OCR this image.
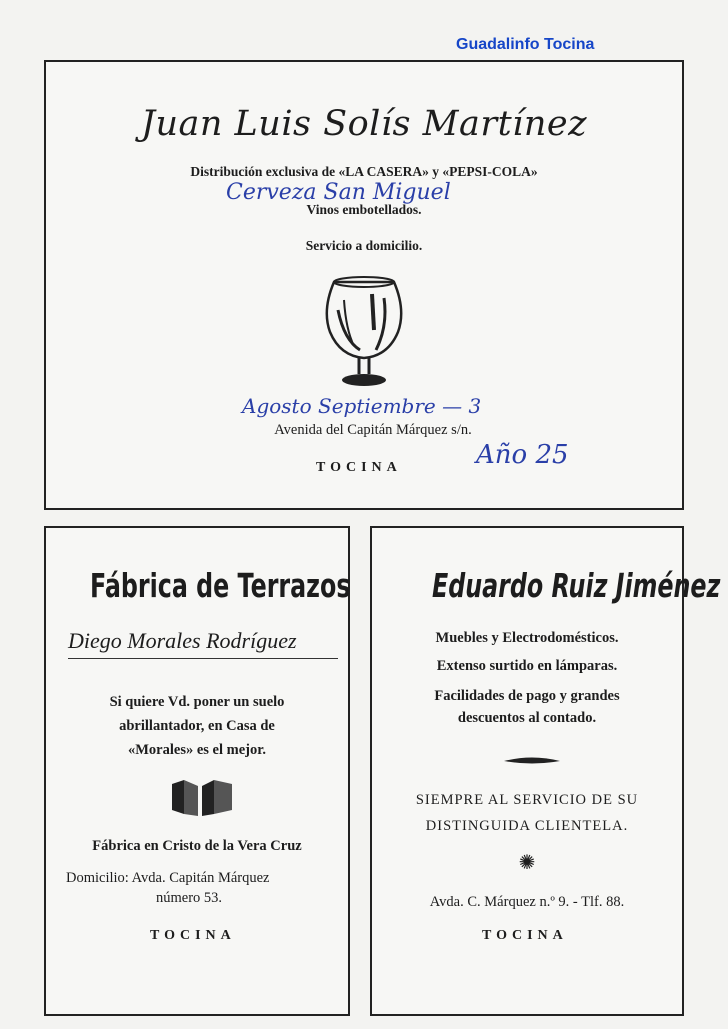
Guadalinfo Tocina
Juan Luis Solís Martínez
Distribución exclusiva de «LA CASERA» y «PEPSI-COLA»
Cerveza San Miguel
Vinos embotellados.
Servicio a domicilio.
Agosto Septiembre — 3
Avenida del Capitán Márquez s/n.
TOCINA	Año 25
Fábrica de Terrazos
Diego Morales Rodríguez
Si quiere Vd. poner un suelo
abrillantador, en Casa de
«Morales» es el mejor.
Fábrica en Cristo de la Vera Cruz
Domicilio: Avda. Capitán Márquez
número 53.
TOCINA
Eduardo Ruiz Jiménez
Muebles y Electrodomésticos.
Extenso surtido en lámparas.
Facilidades de pago y grandes
descuentos al contado.
SIEMPRE AL SERVICIO DE SU
DISTINGUIDA CLIENTELA.
✺
Avda. C. Márquez n.º 9. - Tlf. 88.
TOCINA
